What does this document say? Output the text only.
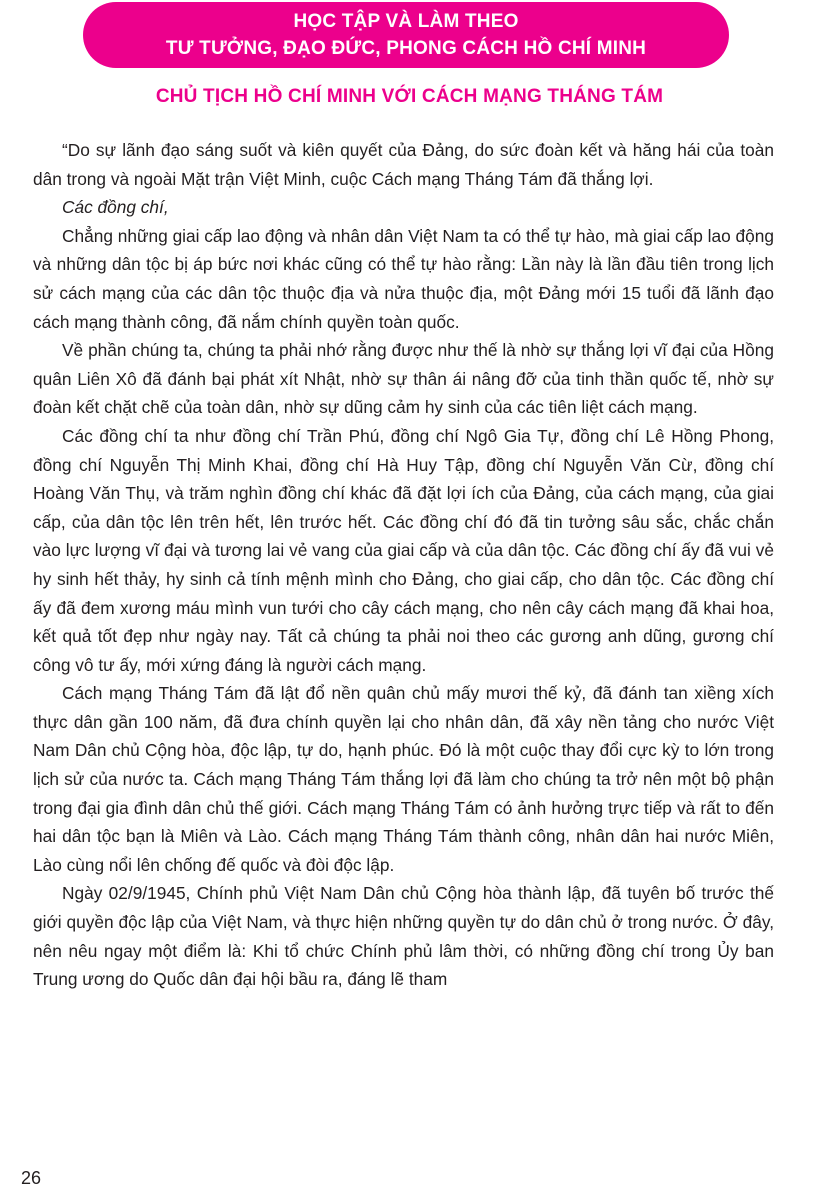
HỌC TẬP VÀ LÀM THEO
TƯ TƯỞNG, ĐẠO ĐỨC, PHONG CÁCH HỒ CHÍ MINH
CHỦ TỊCH HỒ CHÍ MINH VỚI CÁCH MẠNG THÁNG TÁM

“Do sự lãnh đạo sáng suốt và kiên quyết của Đảng, do sức đoàn kết và hăng hái của toàn dân trong và ngoài Mặt trận Việt Minh, cuộc Cách mạng Tháng Tám đã thắng lợi.

Các đồng chí,

Chẳng những giai cấp lao động và nhân dân Việt Nam ta có thể tự hào, mà giai cấp lao động và những dân tộc bị áp bức nơi khác cũng có thể tự hào rằng: Lần này là lần đầu tiên trong lịch sử cách mạng của các dân tộc thuộc địa và nửa thuộc địa, một Đảng mới 15 tuổi đã lãnh đạo cách mạng thành công, đã nắm chính quyền toàn quốc.

Về phần chúng ta, chúng ta phải nhớ rằng được như thế là nhờ sự thắng lợi vĩ đại của Hồng quân Liên Xô đã đánh bại phát xít Nhật, nhờ sự thân ái nâng đỡ của tinh thần quốc tế, nhờ sự đoàn kết chặt chẽ của toàn dân, nhờ sự dũng cảm hy sinh của các tiên liệt cách mạng.

Các đồng chí ta như đồng chí Trần Phú, đồng chí Ngô Gia Tự, đồng chí Lê Hồng Phong, đồng chí Nguyễn Thị Minh Khai, đồng chí Hà Huy Tập, đồng chí Nguyễn Văn Cừ, đồng chí Hoàng Văn Thụ, và trăm nghìn đồng chí khác đã đặt lợi ích của Đảng, của cách mạng, của giai cấp, của dân tộc lên trên hết, lên trước hết. Các đồng chí đó đã tin tưởng sâu sắc, chắc chắn vào lực lượng vĩ đại và tương lai vẻ vang của giai cấp và của dân tộc. Các đồng chí ấy đã vui vẻ hy sinh hết thảy, hy sinh cả tính mệnh mình cho Đảng, cho giai cấp, cho dân tộc. Các đồng chí ấy đã đem xương máu mình vun tưới cho cây cách mạng, cho nên cây cách mạng đã khai hoa, kết quả tốt đẹp như ngày nay. Tất cả chúng ta phải noi theo các gương anh dũng, gương chí công vô tư ấy, mới xứng đáng là người cách mạng.

Cách mạng Tháng Tám đã lật đổ nền quân chủ mấy mươi thế kỷ, đã đánh tan xiềng xích thực dân gần 100 năm, đã đưa chính quyền lại cho nhân dân, đã xây nền tảng cho nước Việt Nam Dân chủ Cộng hòa, độc lập, tự do, hạnh phúc. Đó là một cuộc thay đổi cực kỳ to lớn trong lịch sử của nước ta. Cách mạng Tháng Tám thắng lợi đã làm cho chúng ta trở nên một bộ phận trong đại gia đình dân chủ thế giới. Cách mạng Tháng Tám có ảnh hưởng trực tiếp và rất to đến hai dân tộc bạn là Miên và Lào. Cách mạng Tháng Tám thành công, nhân dân hai nước Miên, Lào cùng nổi lên chống đế quốc và đòi độc lập.

Ngày 02/9/1945, Chính phủ Việt Nam Dân chủ Cộng hòa thành lập, đã tuyên bố trước thế giới quyền độc lập của Việt Nam, và thực hiện những quyền tự do dân chủ ở trong nước. Ở đây, nên nêu ngay một điểm là: Khi tổ chức Chính phủ lâm thời, có những đồng chí trong Ủy ban Trung ương do Quốc dân đại hội bầu ra, đáng lẽ tham

26
